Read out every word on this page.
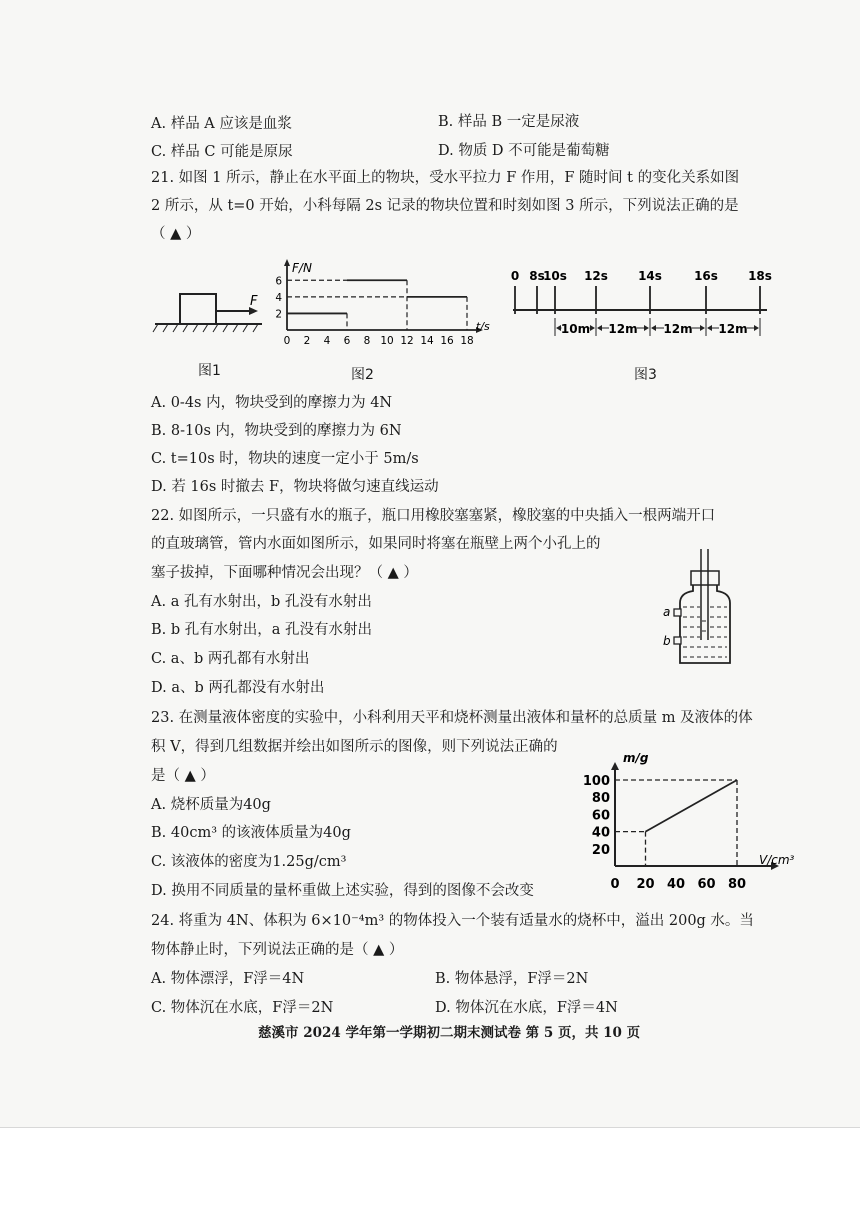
A. 样品 A 应该是血浆	B. 样品 B 一定是尿液
C. 样品 C 可能是原尿	D. 物质 D 不可能是葡萄糖
21. 如图 1 所示，静止在水平面上的物块，受水平拉力 F 作用，F 随时间 t 的变化关系如图
2 所示，从 t=0 开始，小科每隔 2s 记录的物块位置和时刻如图 3 所示，下列说法正确的是
（ ▲ ）
F
图1
0 2 4 6 8 10 12 14 16 18
2
4
6
F/N
t/s
图2
0 8s
10s 12s	14s	16s	18s
10m 12m 12m 12m
图3
A. 0-4s 内，物块受到的摩擦力为 4N
B. 8-10s 内，物块受到的摩擦力为 6N
C. t=10s 时，物块的速度一定小于 5m/s
D. 若 16s 时撤去 F，物块将做匀速直线运动
22. 如图所示，一只盛有水的瓶子，瓶口用橡胶塞塞紧，橡胶塞的中央插入一根两端开口
的直玻璃管，管内水面如图所示，如果同时将塞在瓶壁上两个小孔上的
塞子拔掉，下面哪种情况会出现？（ ▲ ）
A. a 孔有水射出，b 孔没有水射出
B. b 孔有水射出，a 孔没有水射出
C. a、b 两孔都有水射出
D. a、b 两孔都没有水射出
a
b
23. 在测量液体密度的实验中，小科利用天平和烧杯测量出液体和量杯的总质量 m 及液体的体
积 V，得到几组数据并绘出如图所示的图像，则下列说法正确的
是（ ▲ ）
A. 烧杯质量为40g
B. 40cm³ 的该液体质量为40g
C. 该液体的密度为1.25g/cm³
D. 换用不同质量的量杯重做上述实验，得到的图像不会改变	0 20 40 60 80
20
40
60
80
100
m/g
V/cm³
24. 将重为 4N、体积为 6×10⁻⁴m³ 的物体投入一个装有适量水的烧杯中，溢出 200g 水。当
物体静止时，下列说法正确的是（ ▲ ）
A. 物体漂浮，F浮＝4N	B. 物体悬浮，F浮＝2N
C. 物体沉在水底，F浮＝2N	D. 物体沉在水底，F浮＝4N
慈溪市 2024 学年第一学期初二期末测试卷 第 5 页，共 10 页
